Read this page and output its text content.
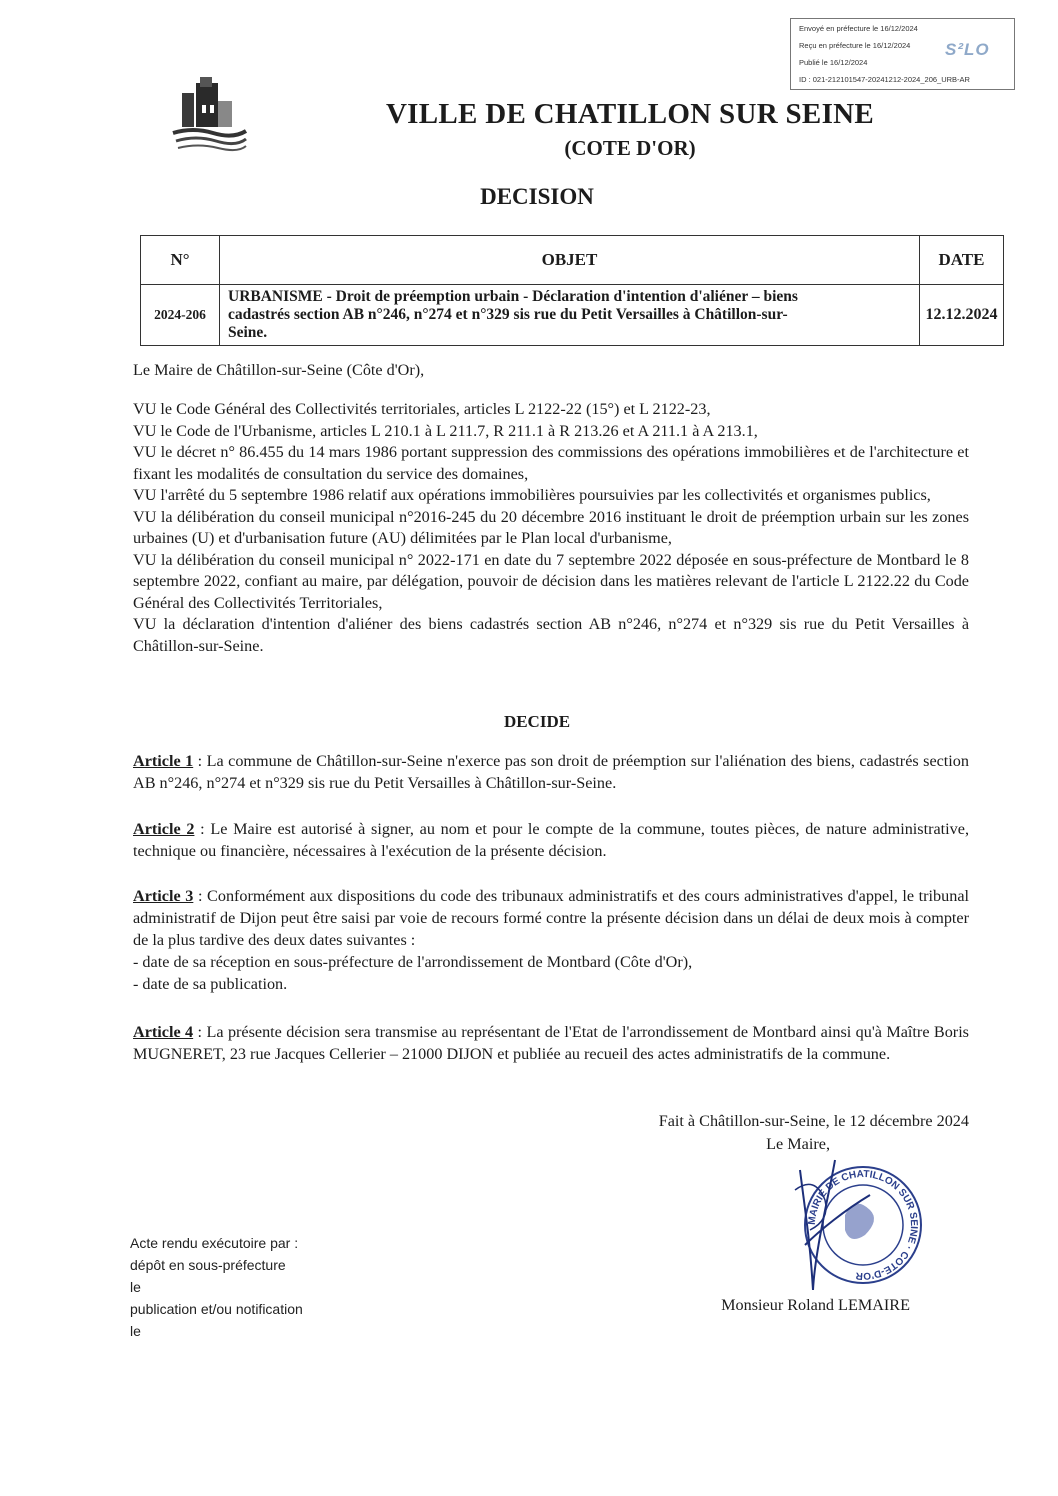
Envoyé en préfecture le 16/12/2024
Reçu en préfecture le 16/12/2024
Publié le 16/12/2024
ID : 021-212101547-20241212-2024_206_URB-AR
S²LO
VILLE DE CHATILLON SUR SEINE
(COTE D'OR)
DECISION
N°	OBJET	DATE
2024-206	URBANISME - Droit de préemption urbain - Déclaration d'intention d'aliéner – biens
cadastrés section AB n°246, n°274 et n°329 sis rue du Petit Versailles à Châtillon-sur-
Seine.	12.12.2024

Le Maire de Châtillon-sur-Seine (Côte d'Or),

VU le Code Général des Collectivités territoriales, articles L 2122-22 (15°) et L 2122-23,

VU le Code de l'Urbanisme, articles L 210.1 à L 211.7, R 211.1 à R 213.26 et A 211.1 à A 213.1,

VU le décret n° 86.455 du 14 mars 1986 portant suppression des commissions des opérations immobilières et de l'architecture et fixant les modalités de consultation du service des domaines,

VU l'arrêté du 5 septembre 1986 relatif aux opérations immobilières poursuivies par les collectivités et organismes publics,

VU la délibération du conseil municipal n°2016-245 du 20 décembre 2016 instituant le droit de préemption urbain sur les zones urbaines (U) et d'urbanisation future (AU) délimitées par le Plan local d'urbanisme,

VU la délibération du conseil municipal n° 2022-171 en date du 7 septembre 2022 déposée en sous-préfecture de Montbard le 8 septembre 2022, confiant au maire, par délégation, pouvoir de décision dans les matières relevant de l'article L 2122.22 du Code Général des Collectivités Territoriales,

VU la déclaration d'intention d'aliéner des biens cadastrés section AB n°246, n°274 et n°329 sis rue du Petit Versailles à Châtillon-sur-Seine.

DECIDE
Article 1 : La commune de Châtillon-sur-Seine n'exerce pas son droit de préemption sur l'aliénation des biens, cadastrés section AB n°246, n°274 et n°329 sis rue du Petit Versailles à Châtillon-sur-Seine.
Article 2 : Le Maire est autorisé à signer, au nom et pour le compte de la commune, toutes pièces, de nature administrative, technique ou financière, nécessaires à l'exécution de la présente décision.
Article 3 : Conformément aux dispositions du code des tribunaux administratifs et des cours administratives d'appel, le tribunal administratif de Dijon peut être saisi par voie de recours formé contre la présente décision dans un délai de deux mois à compter de la plus tardive des deux dates suivantes :
- date de sa réception en sous-préfecture de l'arrondissement de Montbard (Côte d'Or),
- date de sa publication.
Article 4 : La présente décision sera transmise au représentant de l'Etat de l'arrondissement de Montbard ainsi qu'à Maître Boris MUGNERET, 23 rue Jacques Cellerier – 21000 DIJON et publiée au recueil des actes administratifs de la commune.
Fait à Châtillon-sur-Seine, le 12 décembre 2024
Le Maire,
MAIRIE DE CHATILLON SUR SEINE · COTE-D'OR
Monsieur Roland LEMAIRE
Acte rendu exécutoire par :
dépôt en sous-préfecture
le
publication et/ou notification
le
